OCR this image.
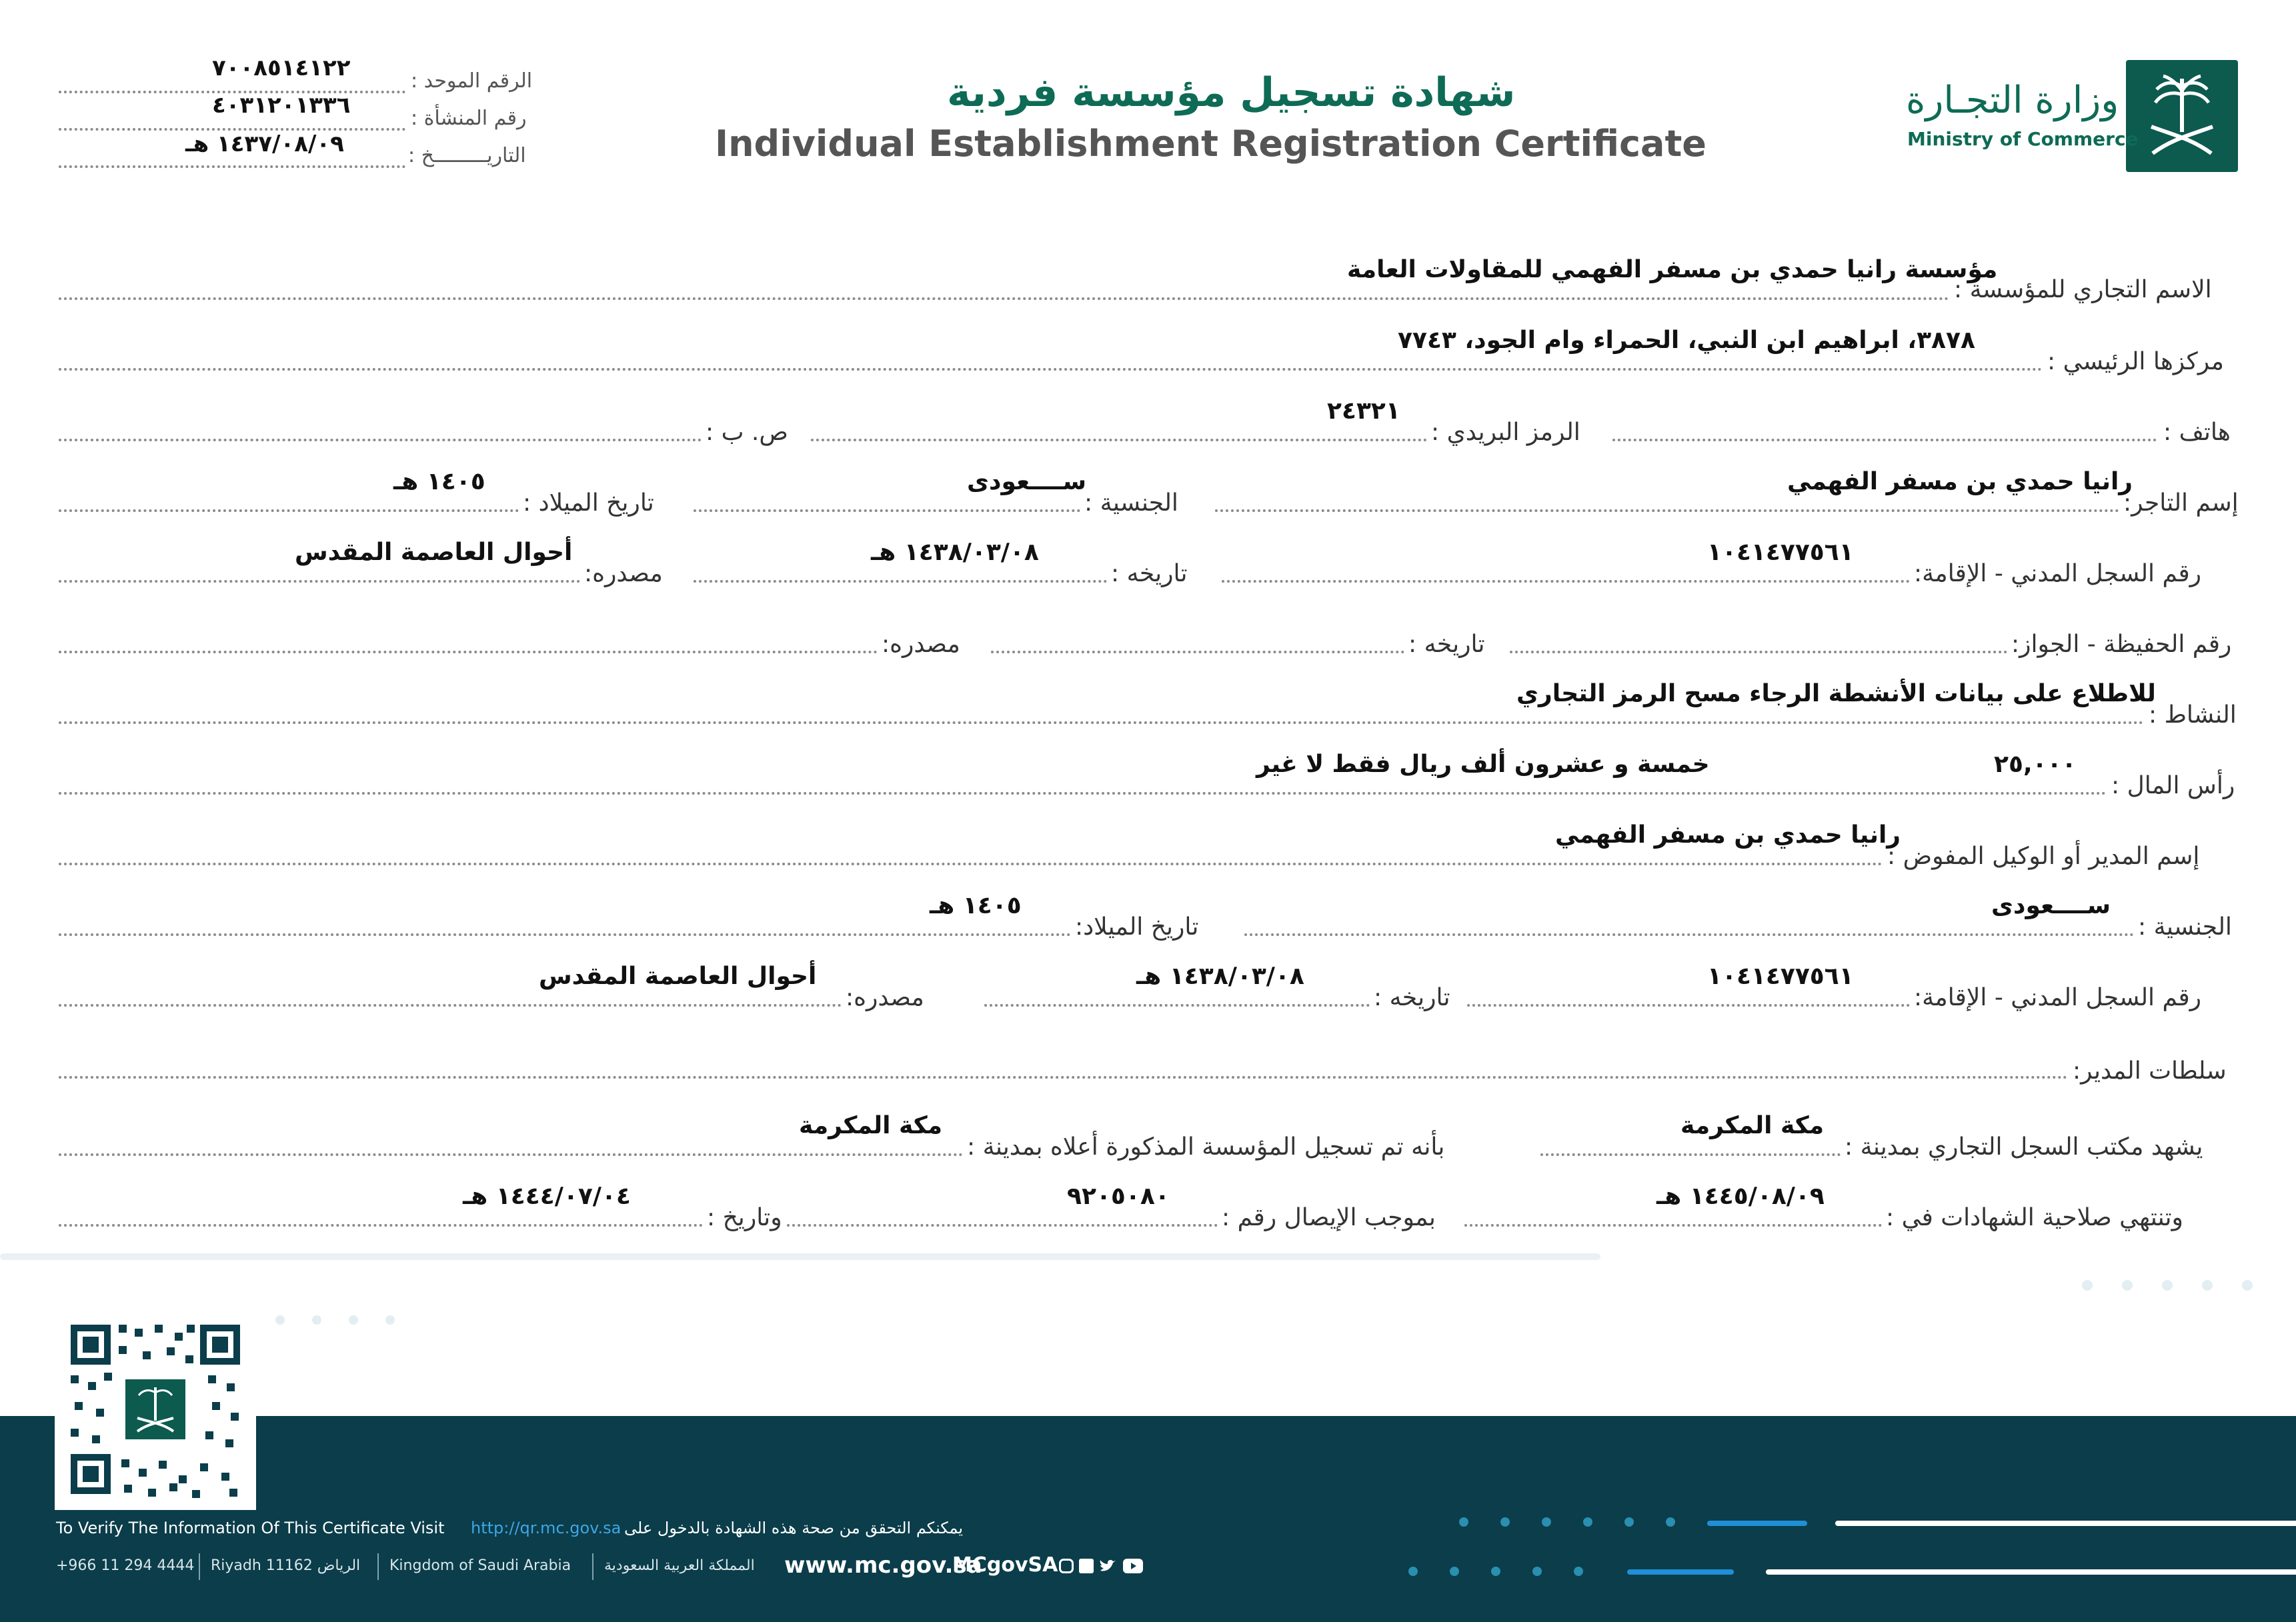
الرقم الموحد :
٧٠٠٨٥١٤١٢٢
رقم المنشأة :
٤٠٣١٢٠١٣٣٦
التاريـــــــــخ :
١٤٣٧/٠٨/٠٩ هـ
شهادة تسجيل مؤسسة فردية
Individual Establishment Registration Certificate
وزارة التجـارة
Ministry of Commerce
الاسم التجاري للمؤسسة :
مؤسسة رانيا حمدي بن مسفر الفهمي للمقاولات العامة
مركزها الرئيسي :
٣٨٧٨، ابراهيم ابن النبي، الحمراء وام الجود، ٧٧٤٣
هاتف :
الرمز البريدي :
٢٤٣٢١
ص. ب :
إسم التاجر:
رانيا حمدي بن مسفر الفهمي
الجنسية :
ســــعودى
تاريخ الميلاد :
١٤٠٥ هـ
رقم السجل المدني - الإقامة:
١٠٤١٤٧٧٥٦١
تاريخه :
١٤٣٨/٠٣/٠٨ هـ
مصدره:
أحوال العاصمة المقدس
رقم الحفيظة - الجواز:
تاريخه :
مصدره:
النشاط :
للاطلاع على بيانات الأنشطة الرجاء مسح الرمز التجاري
رأس المال :
٢٥,٠٠٠
خمسة و عشرون ألف ريال فقط لا غير
إسم المدير أو الوكيل المفوض :
رانيا حمدي بن مسفر الفهمي
الجنسية :
ســــعودى
تاريخ الميلاد:
١٤٠٥ هـ
رقم السجل المدني - الإقامة:
١٠٤١٤٧٧٥٦١
تاريخه :
١٤٣٨/٠٣/٠٨ هـ
مصدره:
أحوال العاصمة المقدس
سلطات المدير:
يشهد مكتب السجل التجاري بمدينة :
مكة المكرمة
بأنه تم تسجيل المؤسسة المذكورة أعلاه بمدينة :
مكة المكرمة
وتنتهي صلاحية الشهادات في :
١٤٤٥/٠٨/٠٩ هـ
بموجب الإيصال رقم :
٩٢٠٥٠٨٠
وتاريخ :
١٤٤٤/٠٧/٠٤ هـ
To Verify The Information Of This Certificate Visit http://qr.mc.gov.sa يمكنكم التحقق من صحة هذه الشهادة بالدخول على
+966 11 294 4444 Riyadh 11162 الرياض Kingdom of Saudi Arabia المملكة العربية السعودية www.mc.gov.sa
MCgovSA
